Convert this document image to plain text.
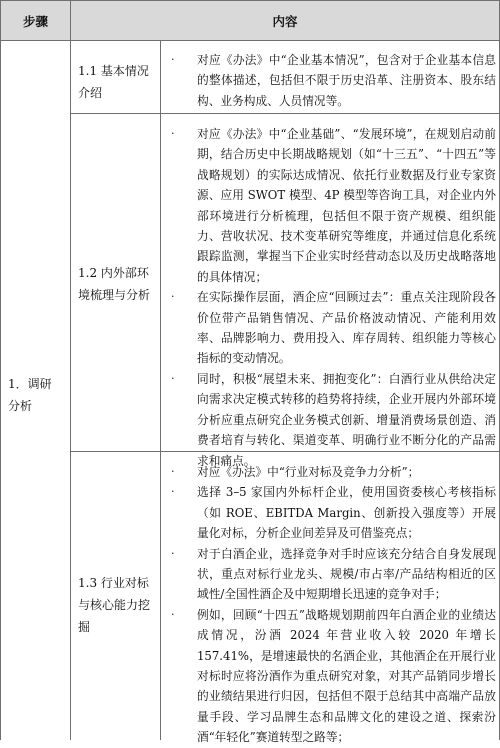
步骤	内容
1．调研分析
1.1 基本情况介绍
· 对应《办法》中“企业基本情况”，包含对于企业基本信息的整体描述，包括但不限于历史沿革、注册资本、股东结构、业务构成、人员情况等。
1.2 内外部环境梳理与分析
· 对应《办法》中“企业基础”、“发展环境”，在规划启动前期，结合历史中长期战略规划（如“十三五”、“十四五”等战略规划）的实际达成情况、依托行业数据及行业专家资源、应用 SWOT 模型、4P 模型等咨询工具，对企业内外部环境进行分析梳理，包括但不限于资产规模、组织能力、营收状况、技术变革研究等维度，并通过信息化系统跟踪监测，掌握当下企业实时经营动态以及历史战略落地的具体情况；
· 在实际操作层面，酒企应“回顾过去”：重点关注现阶段各价位带产品销售情况、产品价格波动情况、产能利用效率、品牌影响力、费用投入、库存周转、组织能力等核心指标的变动情况。
· 同时，积极“展望未来、拥抱变化”：白酒行业从供给决定向需求决定模式转移的趋势将持续，企业开展内外部环境分析应重点研究企业务模式创新、增量消费场景创造、消费者培育与转化、渠道变革、明确行业不断分化的产品需求和痛点。
1.3 行业对标与核心能力挖掘
· 对应《办法》中“行业对标及竞争力分析”；
· 选择 3–5 家国内外标杆企业，使用国资委核心考核指标（如 ROE、EBITDA Margin、创新投入强度等）开展量化对标，分析企业间差异及可借鉴亮点；
· 对于白酒企业，选择竞争对手时应该充分结合自身发展现状，重点对标行业龙头、规模/市占率/产品结构相近的区域性/全国性酒企及中短期增长迅速的竞争对手；
· 例如，回顾“十四五”战略规划期前四年白酒企业的业绩达成情况，汾酒 2024 年营业收入较 2020 年增长 157.41%，是增速最快的名酒企业，其他酒企在开展行业对标时应将汾酒作为重点研究对象，对其产品销同步增长的业绩结果进行归因，包括但不限于总结其中高端产品放量手段、学习品牌生态和品牌文化的建设之道、探索汾酒“年轻化”赛道转型之路等；
